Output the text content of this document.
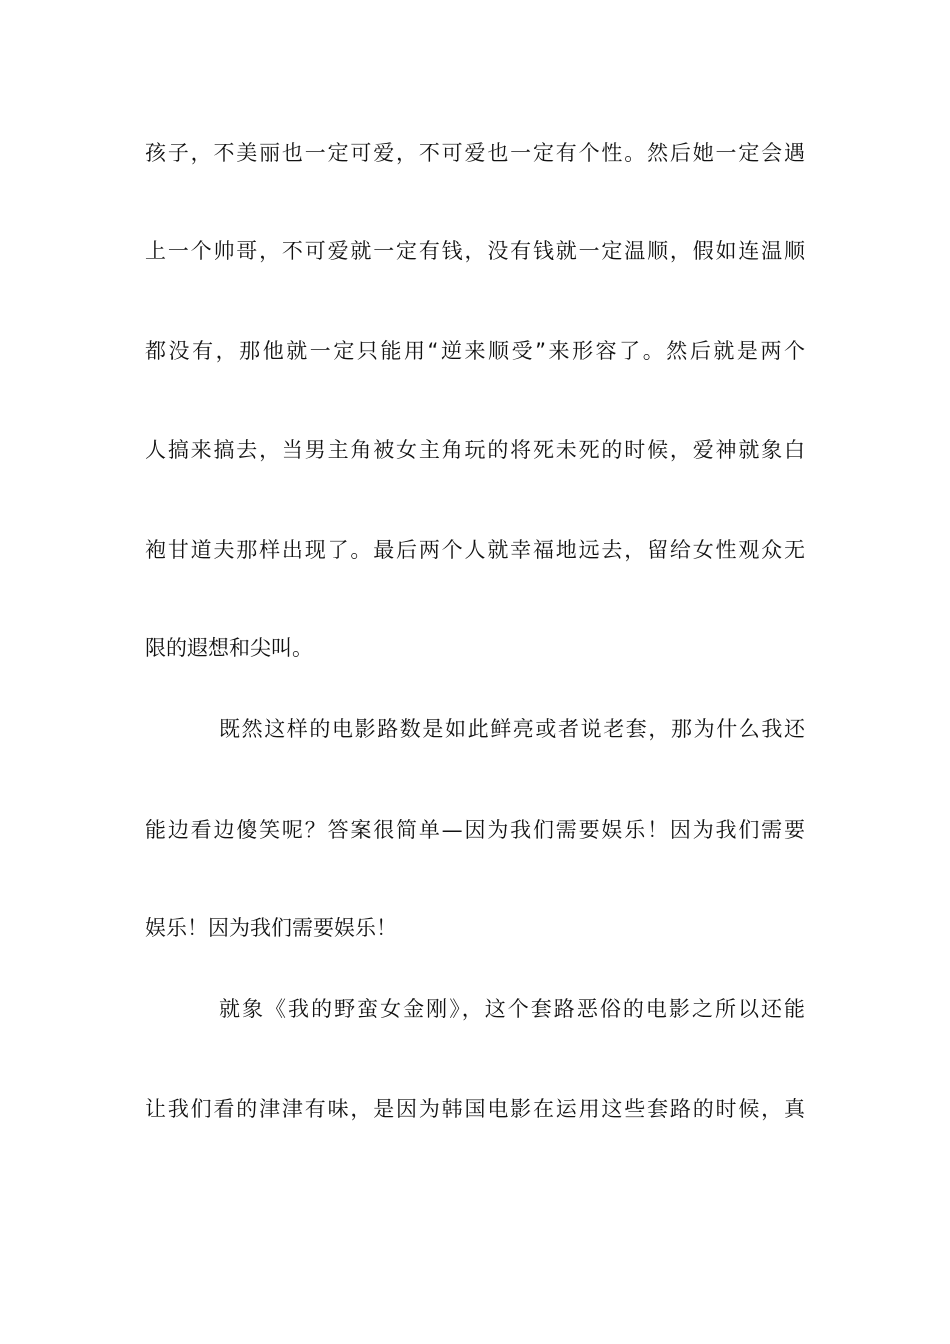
孩子，不美丽也一定可爱，不可爱也一定有个性。然后她一定会遇
上一个帅哥，不可爱就一定有钱，没有钱就一定温顺，假如连温顺
都没有，那他就一定只能用“逆来顺受”来形容了。然后就是两个
人搞来搞去，当男主角被女主角玩的将死未死的时候，爱神就象白
袍甘道夫那样出现了。最后两个人就幸福地远去，留给女性观众无
限的遐想和尖叫。
既然这样的电影路数是如此鲜亮或者说老套，那为什么我还
能边看边傻笑呢？答案很简单—因为我们需要娱乐！因为我们需要
娱乐！因为我们需要娱乐！
就象《我的野蛮女金刚》，这个套路恶俗的电影之所以还能
让我们看的津津有味，是因为韩国电影在运用这些套路的时候，真
